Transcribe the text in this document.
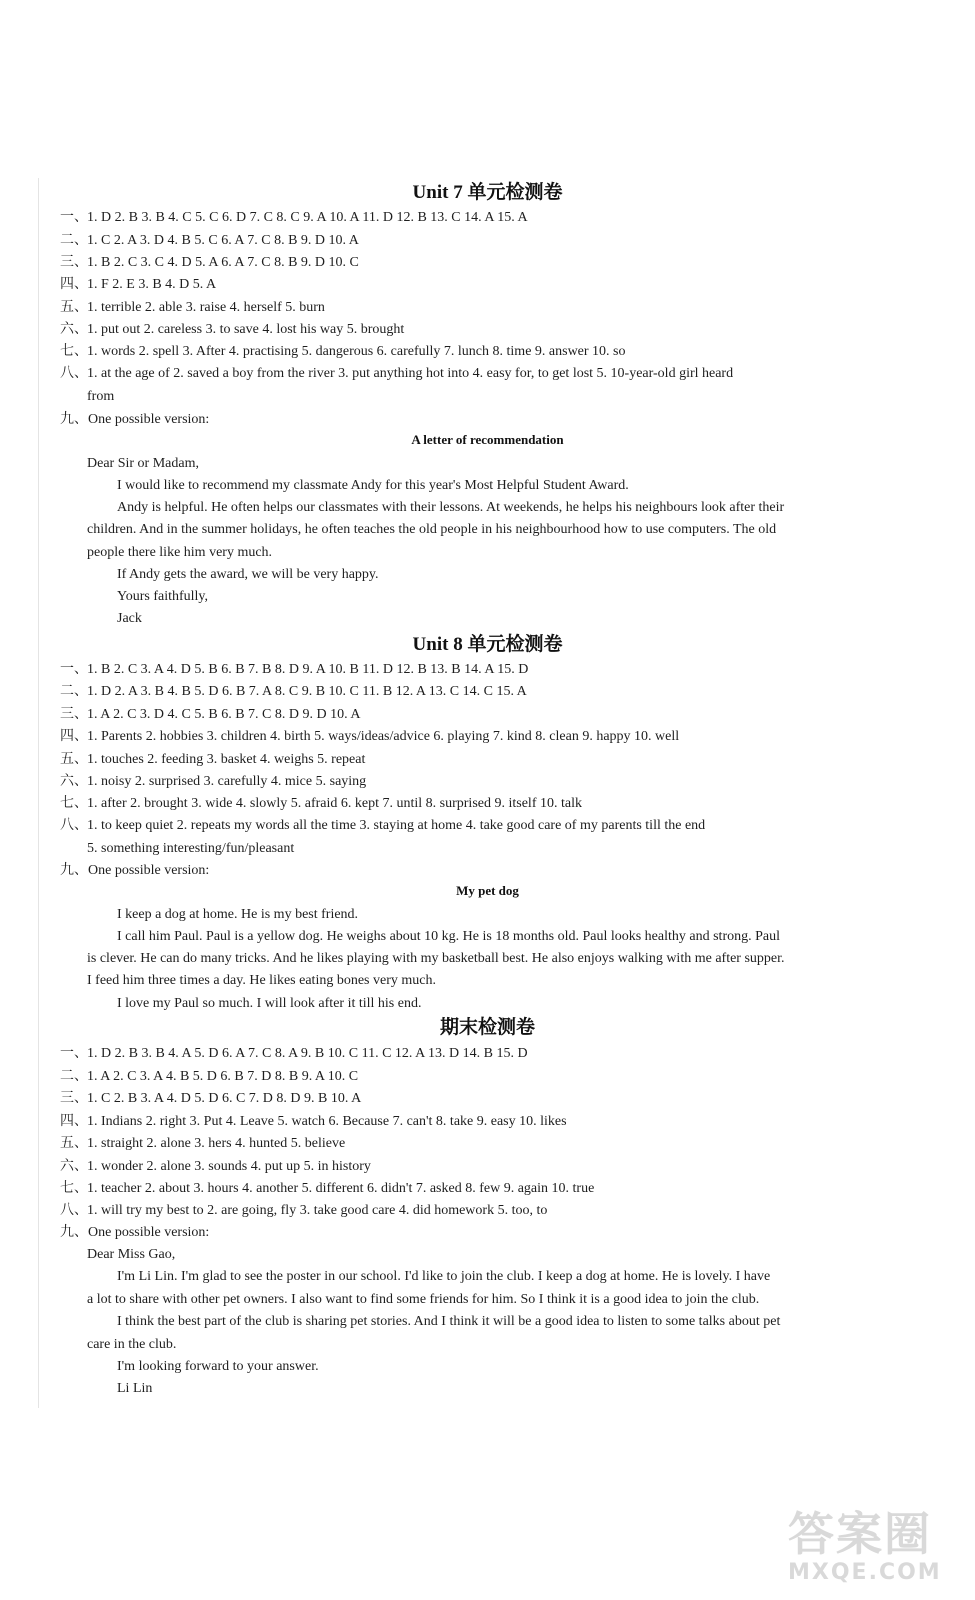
Unit 7 单元检测卷
一、1. D 2. B 3. B 4. C 5. C 6. D 7. C 8. C 9. A 10. A 11. D 12. B 13. C 14. A 15. A
二、1. C 2. A 3. D 4. B 5. C 6. A 7. C 8. B 9. D 10. A
三、1. B 2. C 3. C 4. D 5. A 6. A 7. C 8. B 9. D 10. C
四、1. F 2. E 3. B 4. D 5. A
五、1. terrible 2. able 3. raise 4. herself 5. burn
六、1. put out 2. careless 3. to save 4. lost his way 5. brought
七、1. words 2. spell 3. After 4. practising 5. dangerous 6. carefully 7. lunch 8. time 9. answer 10. so
八、1. at the age of 2. saved a boy from the river 3. put anything hot into 4. easy for, to get lost 5. 10-year-old girl heard
from
九、One possible version:
A letter of recommendation
Dear Sir or Madam,
I would like to recommend my classmate Andy for this year's Most Helpful Student Award.
Andy is helpful. He often helps our classmates with their lessons. At weekends, he helps his neighbours look after their
children. And in the summer holidays, he often teaches the old people in his neighbourhood how to use computers. The old
people there like him very much.
If Andy gets the award, we will be very happy.
Yours faithfully,
Jack
Unit 8 单元检测卷
一、1. B 2. C 3. A 4. D 5. B 6. B 7. B 8. D 9. A 10. B 11. D 12. B 13. B 14. A 15. D
二、1. D 2. A 3. B 4. B 5. D 6. B 7. A 8. C 9. B 10. C 11. B 12. A 13. C 14. C 15. A
三、1. A 2. C 3. D 4. C 5. B 6. B 7. C 8. D 9. D 10. A
四、1. Parents 2. hobbies 3. children 4. birth 5. ways/ideas/advice 6. playing 7. kind 8. clean 9. happy 10. well
五、1. touches 2. feeding 3. basket 4. weighs 5. repeat
六、1. noisy 2. surprised 3. carefully 4. mice 5. saying
七、1. after 2. brought 3. wide 4. slowly 5. afraid 6. kept 7. until 8. surprised 9. itself 10. talk
八、1. to keep quiet 2. repeats my words all the time 3. staying at home 4. take good care of my parents till the end
5. something interesting/fun/pleasant
九、One possible version:
My pet dog
I keep a dog at home. He is my best friend.
I call him Paul. Paul is a yellow dog. He weighs about 10 kg. He is 18 months old. Paul looks healthy and strong. Paul
is clever. He can do many tricks. And he likes playing with my basketball best. He also enjoys walking with me after supper.
I feed him three times a day. He likes eating bones very much.
I love my Paul so much. I will look after it till his end.
期末检测卷
一、1. D 2. B 3. B 4. A 5. D 6. A 7. C 8. A 9. B 10. C 11. C 12. A 13. D 14. B 15. D
二、1. A 2. C 3. A 4. B 5. D 6. B 7. D 8. B 9. A 10. C
三、1. C 2. B 3. A 4. D 5. D 6. C 7. D 8. D 9. B 10. A
四、1. Indians 2. right 3. Put 4. Leave 5. watch 6. Because 7. can't 8. take 9. easy 10. likes
五、1. straight 2. alone 3. hers 4. hunted 5. believe
六、1. wonder 2. alone 3. sounds 4. put up 5. in history
七、1. teacher 2. about 3. hours 4. another 5. different 6. didn't 7. asked 8. few 9. again 10. true
八、1. will try my best to 2. are going, fly 3. take good care 4. did homework 5. too, to
九、One possible version:
Dear Miss Gao,
I'm Li Lin. I'm glad to see the poster in our school. I'd like to join the club. I keep a dog at home. He is lovely. I have
a lot to share with other pet owners. I also want to find some friends for him. So I think it is a good idea to join the club.
I think the best part of the club is sharing pet stories. And I think it will be a good idea to listen to some talks about pet
care in the club.
I'm looking forward to your answer.
Li Lin
答案圈
MXQE.COM
